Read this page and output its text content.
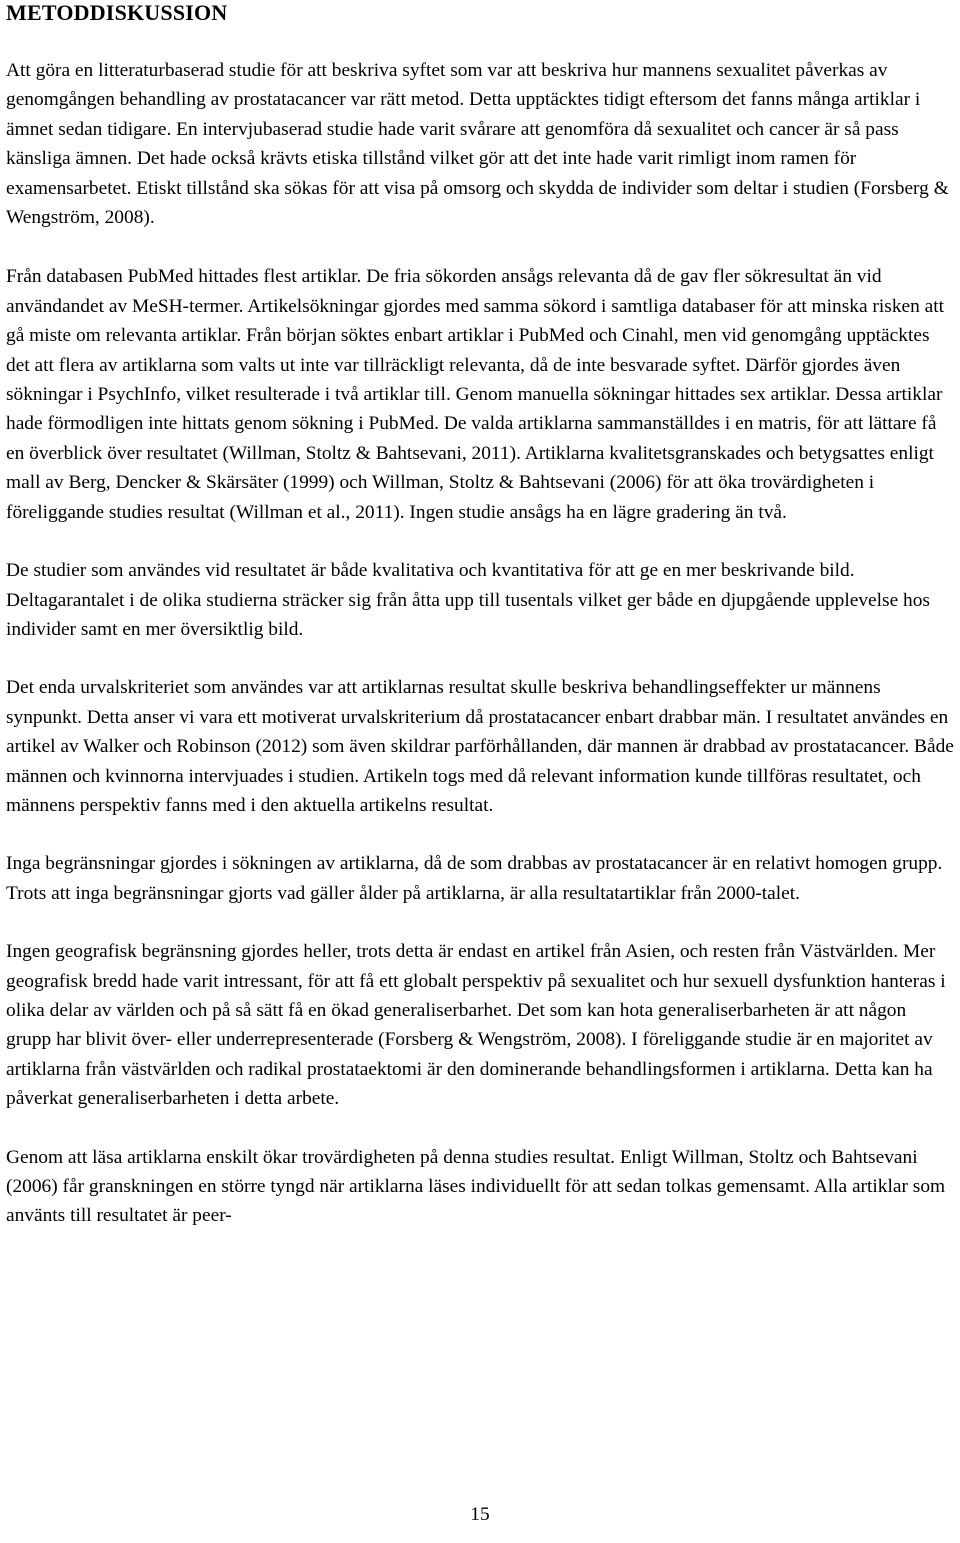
METODDISKUSSION

Att göra en litteraturbaserad studie för att beskriva syftet som var att beskriva hur mannens sexualitet påverkas av genomgången behandling av prostatacancer var rätt metod. Detta upptäcktes tidigt eftersom det fanns många artiklar i ämnet sedan tidigare. En intervjubaserad studie hade varit svårare att genomföra då sexualitet och cancer är så pass känsliga ämnen. Det hade också krävts etiska tillstånd vilket gör att det inte hade varit rimligt inom ramen för examensarbetet. Etiskt tillstånd ska sökas för att visa på omsorg och skydda de individer som deltar i studien (Forsberg & Wengström, 2008).

Från databasen PubMed hittades flest artiklar. De fria sökorden ansågs relevanta då de gav fler sökresultat än vid användandet av MeSH-termer. Artikelsökningar gjordes med samma sökord i samtliga databaser för att minska risken att gå miste om relevanta artiklar. Från början söktes enbart artiklar i PubMed och Cinahl, men vid genomgång upptäcktes det att flera av artiklarna som valts ut inte var tillräckligt relevanta, då de inte besvarade syftet. Därför gjordes även sökningar i PsychInfo, vilket resulterade i två artiklar till. Genom manuella sökningar hittades sex artiklar. Dessa artiklar hade förmodligen inte hittats genom sökning i PubMed. De valda artiklarna sammanställdes i en matris, för att lättare få en överblick över resultatet (Willman, Stoltz & Bahtsevani, 2011). Artiklarna kvalitetsgranskades och betygsattes enligt mall av Berg, Dencker & Skärsäter (1999) och Willman, Stoltz & Bahtsevani (2006) för att öka trovärdigheten i föreliggande studies resultat (Willman et al., 2011). Ingen studie ansågs ha en lägre gradering än två.

De studier som användes vid resultatet är både kvalitativa och kvantitativa för att ge en mer beskrivande bild. Deltagarantalet i de olika studierna sträcker sig från åtta upp till tusentals vilket ger både en djupgående upplevelse hos individer samt en mer översiktlig bild.

Det enda urvalskriteriet som användes var att artiklarnas resultat skulle beskriva behandlingseffekter ur männens synpunkt. Detta anser vi vara ett motiverat urvalskriterium då prostatacancer enbart drabbar män. I resultatet användes en artikel av Walker och Robinson (2012) som även skildrar parförhållanden, där mannen är drabbad av prostatacancer. Både männen och kvinnorna intervjuades i studien. Artikeln togs med då relevant information kunde tillföras resultatet, och männens perspektiv fanns med i den aktuella artikelns resultat.

Inga begränsningar gjordes i sökningen av artiklarna, då de som drabbas av prostatacancer är en relativt homogen grupp. Trots att inga begränsningar gjorts vad gäller ålder på artiklarna, är alla resultatartiklar från 2000-talet.

Ingen geografisk begränsning gjordes heller, trots detta är endast en artikel från Asien, och resten från Västvärlden. Mer geografisk bredd hade varit intressant, för att få ett globalt perspektiv på sexualitet och hur sexuell dysfunktion hanteras i olika delar av världen och på så sätt få en ökad generaliserbarhet. Det som kan hota generaliserbarheten är att någon grupp har blivit över- eller underrepresenterade (Forsberg & Wengström, 2008). I föreliggande studie är en majoritet av artiklarna från västvärlden och radikal prostataektomi är den dominerande behandlingsformen i artiklarna. Detta kan ha påverkat generaliserbarheten i detta arbete.

Genom att läsa artiklarna enskilt ökar trovärdigheten på denna studies resultat. Enligt Willman, Stoltz och Bahtsevani (2006) får granskningen en större tyngd när artiklarna läses individuellt för att sedan tolkas gemensamt. Alla artiklar som använts till resultatet är peer-

15
